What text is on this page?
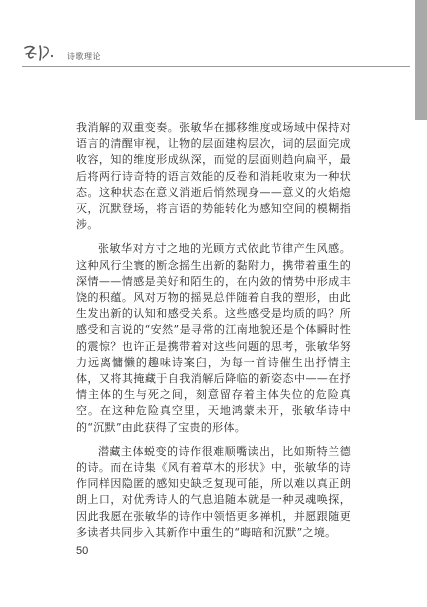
诗歌理论

我消解的双重变奏。张敏华在挪移维度或场域中保持对语言的清醒审视，让物的层面建构层次，词的层面完成收容，知的维度形成纵深，而觉的层面则趋向扁平，最后将两行诗奇特的语言效能的反卷和消耗收束为一种状态。这种状态在意义消逝后悄然现身——意义的火焰熄灭，沉默登场，将言语的势能转化为感知空间的模糊指涉。

张敏华对方寸之地的光顾方式依此节律产生风感。这种风行尘寰的断念摇生出新的黏附力，携带着重生的深情——情感是美好和陌生的，在内敛的情势中形成丰饶的积蕴。风对万物的摇晃总伴随着自我的塑形，由此生发出新的认知和感受关系。这些感受是均质的吗？所感受和言说的“安然”是寻常的江南地貌还是个体瞬时性的震惊？也许正是携带着对这些问题的思考，张敏华努力远离慵懒的趣味诗案臼，为每一首诗催生出抒情主体，又将其掩藏于自我消解后降临的新姿态中——在抒情主体的生与死之间，刻意留存着主体失位的危险真空。在这种危险真空里，天地鸿蒙未开，张敏华诗中的“沉默”由此获得了宝贵的形体。

潜藏主体蜕变的诗作很难顺嘴读出，比如斯特兰德的诗。而在诗集《风有着草木的形状》中，张敏华的诗作同样因隐匿的感知史缺乏复现可能，所以难以真正朗朗上口，对优秀诗人的气息追随本就是一种灵魂唤探，因此我愿在张敏华的诗作中领悟更多禅机，并愿跟随更多读者共同步入其新作中重生的“晦暗和沉默”之境。

50
